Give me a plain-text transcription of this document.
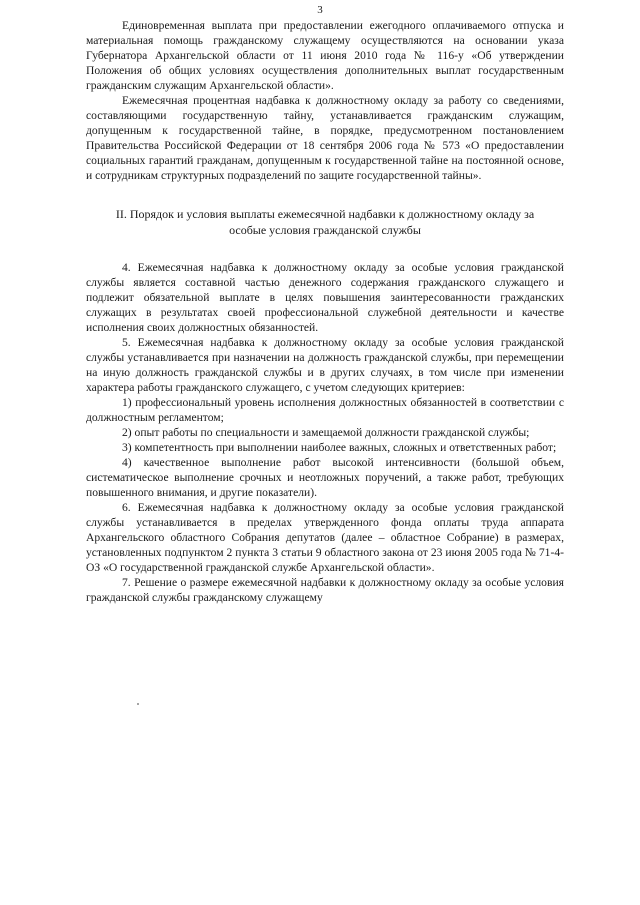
3

Единовременная выплата при предоставлении ежегодного оплачиваемого отпуска и материальная помощь гражданскому служащему осуществляются на основании указа Губернатора Архангельской области от 11 июня 2010 года № 116-у «Об утверждении Положения об общих условиях осуществления дополнительных выплат государственным гражданским служащим Архангельской области».

Ежемесячная процентная надбавка к должностному окладу за работу со сведениями, составляющими государственную тайну, устанавливается гражданским служащим, допущенным к государственной тайне, в порядке, предусмотренном постановлением Правительства Российской Федерации от 18 сентября 2006 года № 573 «О предоставлении социальных гарантий гражданам, допущенным к государственной тайне на постоянной основе, и сотрудникам структурных подразделений по защите государственной тайны».

II. Порядок и условия выплаты ежемесячной надбавки к должностному окладу за особые условия гражданской службы

4. Ежемесячная надбавка к должностному окладу за особые условия гражданской службы является составной частью денежного содержания гражданского служащего и подлежит обязательной выплате в целях повышения заинтересованности гражданских служащих в результатах своей профессиональной служебной деятельности и качестве исполнения своих должностных обязанностей.

5. Ежемесячная надбавка к должностному окладу за особые условия гражданской службы устанавливается при назначении на должность гражданской службы, при перемещении на иную должность гражданской службы и в других случаях, в том числе при изменении характера работы гражданского служащего, с учетом следующих критериев:

1) профессиональный уровень исполнения должностных обязанностей в соответствии с должностным регламентом;

2) опыт работы по специальности и замещаемой должности гражданской службы;

3) компетентность при выполнении наиболее важных, сложных и ответственных работ;

4) качественное выполнение работ высокой интенсивности (большой объем, систематическое выполнение срочных и неотложных поручений, а также работ, требующих повышенного внимания, и другие показатели).

6. Ежемесячная надбавка к должностному окладу за особые условия гражданской службы устанавливается в пределах утвержденного фонда оплаты труда аппарата Архангельского областного Собрания депутатов (далее – областное Собрание) в размерах, установленных подпунктом 2 пункта 3 статьи 9 областного закона от 23 июня 2005 года № 71-4-ОЗ «О государственной гражданской службе Архангельской области».

7. Решение о размере ежемесячной надбавки к должностному окладу за особые условия гражданской службы гражданскому служащему
